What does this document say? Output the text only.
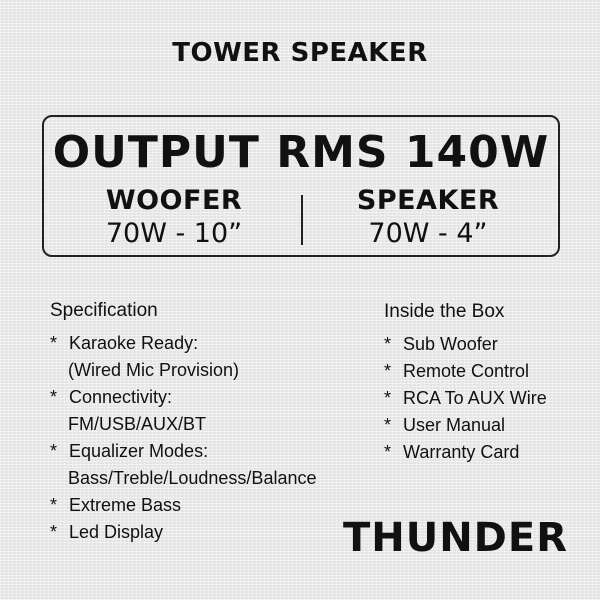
TOWER SPEAKER
OUTPUT RMS 140W
WOOFER
70W - 10”
SPEAKER
70W - 4”
Specification
* Karaoke Ready:
(Wired Mic Provision)
* Connectivity:
FM/USB/AUX/BT
* Equalizer Modes:
Bass/Treble/Loudness/Balance
* Extreme Bass
* Led Display
Inside the Box
* Sub Woofer
* Remote Control
* RCA To AUX Wire
* User Manual
* Warranty Card
THUNDER
